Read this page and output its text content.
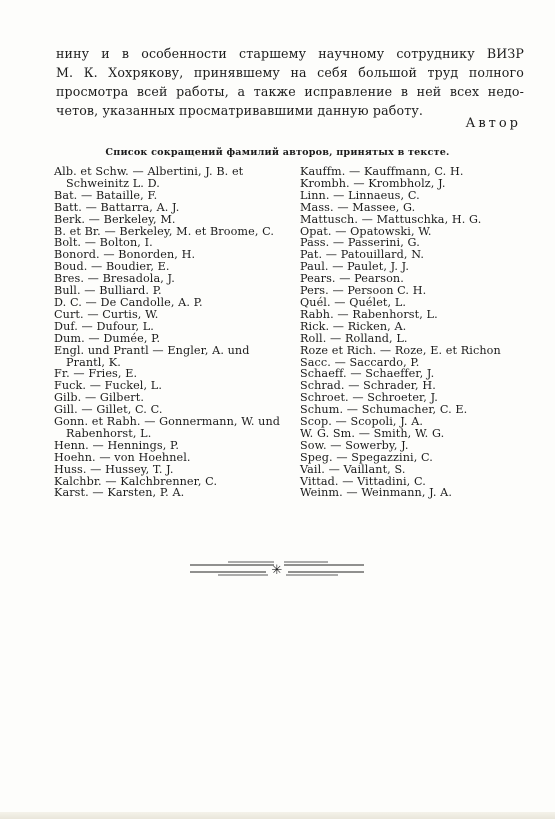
нину и в особенности старшему научному сотруднику ВИЗР
М. К. Хохрякову, принявшему на себя большой труд полного
просмотра всей работы, а также исправление в ней всех недо-
четов, указанных просматривавшими данную работу.
Автор
Список сокращений фамилий авторов, принятых в тексте.
Alb. et Schw. — Albertini, J. B. et Schweinitz L. D.
Bat. — Bataille, F.
Batt. — Battarra, A. J.
Berk. — Berkeley, M.
B. et Br. — Berkeley, M. et Broome, C.
Bolt. — Bolton, I.
Bonord. — Bonorden, H.
Boud. — Boudier, E.
Bres. — Bresadola, J.
Bull. — Bulliard. P.
D. C. — De Candolle, A. P.
Curt. — Curtis, W.
Duf. — Dufour, L.
Dum. — Dumée, P.
Engl. und Prantl — Engler, A. und Prantl, K.
Fr. — Fries, E.
Fuck. — Fuckel, L.
Gilb. — Gilbert.
Gill. — Gillet, C. C.
Gonn. et Rabh. — Gonnermann, W. und Rabenhorst, L.
Henn. — Hennings, P.
Hoehn. — von Hoehnel.
Huss. — Hussey, T. J.
Kalchbr. — Kalchbrenner, C.
Karst. — Karsten, P. A.
Kauffm. — Kauffmann, C. H.
Krombh. — Krombholz, J.
Linn. — Linnaeus, C.
Mass. — Massee, G.
Mattusch. — Mattuschka, H. G.
Opat. — Opatowski, W.
Pass. — Passerini, G.
Pat. — Patouillard, N.
Paul. — Paulet, J. J.
Pears. — Pearson.
Pers. — Persoon C. H.
Quél. — Quélet, L.
Rabh. — Rabenhorst, L.
Rick. — Ricken, A.
Roll. — Rolland, L.
Roze et Rich. — Roze, E. et Richon
Sacc. — Saccardo, P.
Schaeff. — Schaeffer, J.
Schrad. — Schrader, H.
Schroet. — Schroeter, J.
Schum. — Schumacher, C. E.
Scop. — Scopoli, J. A.
W. G. Sm. — Smith, W. G.
Sow. — Sowerby, J.
Speg. — Spegazzini, C.
Vail. — Vaillant, S.
Vittad. — Vittadini, C.
Weinm. — Weinmann, J. A.
✳
